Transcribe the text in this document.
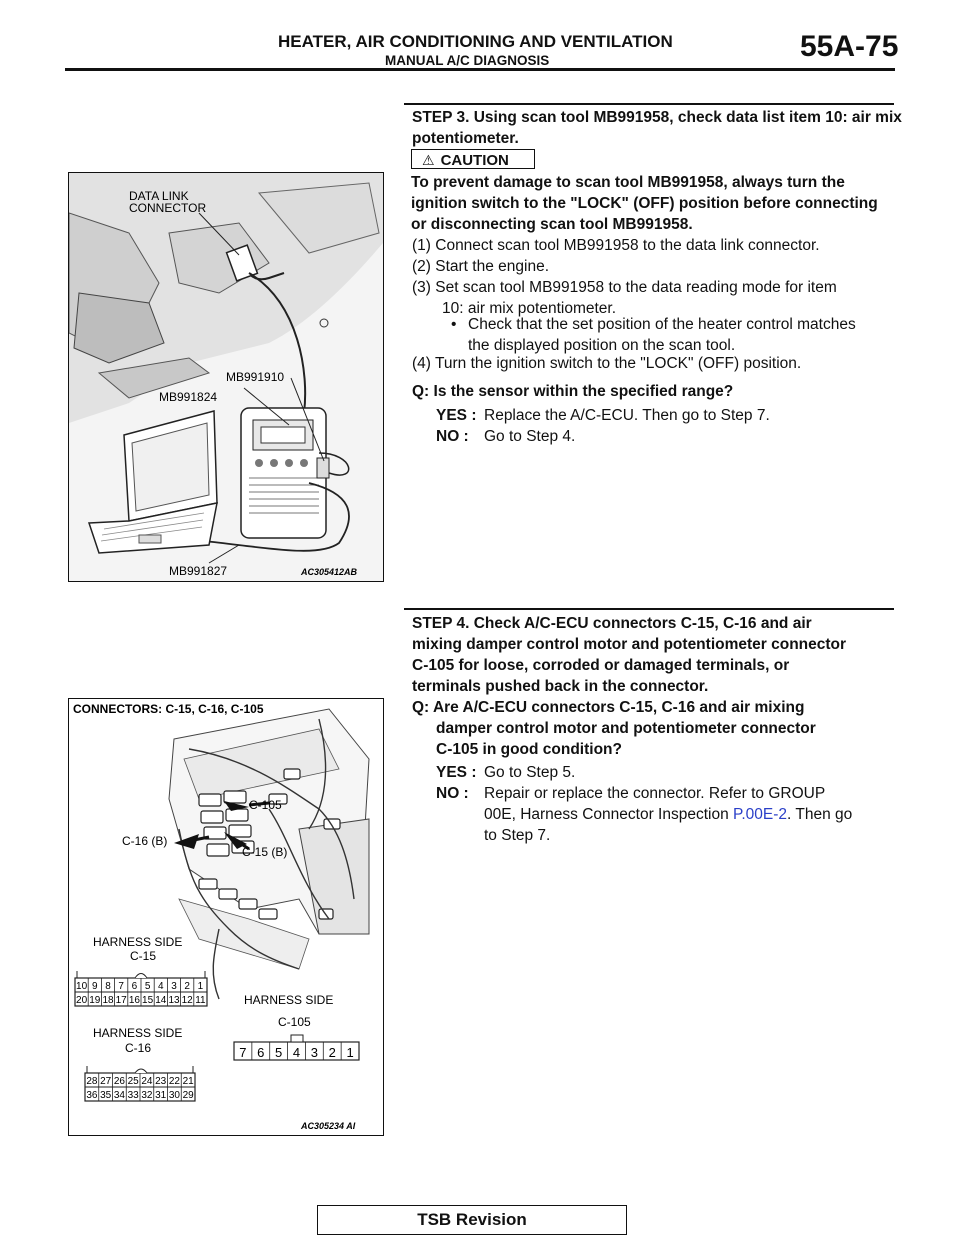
HEATER, AIR CONDITIONING AND VENTILATION
MANUAL A/C DIAGNOSIS	55A-75
STEP 3. Using scan tool MB991958, check data list item 10: air mix potentiometer.
⚠ CAUTION
To prevent damage to scan tool MB991958, always turn the ignition switch to the "LOCK" (OFF) position before connecting or disconnecting scan tool MB991958.
(1) Connect scan tool MB991958 to the data link connector.
(2) Start the engine.
(3) Set scan tool MB991958 to the data reading mode for item
10: air mix potentiometer.
• Check that the set position of the heater control matches
the displayed position on the scan tool.
(4) Turn the ignition switch to the "LOCK" (OFF) position.
Q: Is the sensor within the specified range?
YES : Replace the A/C-ECU. Then go to Step 7.
NO : Go to Step 4.
STEP 4. Check A/C-ECU connectors C-15, C-16 and air
mixing damper control motor and potentiometer connector
C-105 for loose, corroded or damaged terminals, or
terminals pushed back in the connector.
Q: Are A/C-ECU connectors C-15, C-16 and air mixing
damper control motor and potentiometer connector
C-105 in good condition?
YES : Go to Step 5.
NO : Repair or replace the connector. Refer to GROUP
00E, Harness Connector Inspection P.00E-2. Then go
to Step 7.
DATA LINK
CONNECTOR
MB991910
MB991824
MB991827	AC305412AB
CONNECTORS: C-15, C-16, C-105
C-105
C-16 (B)
C-15 (B)
HARNESS SIDE
C-15
10 9 8 7 6 5 4 3 2 1
20 19 18 17 16 15 14 13 12 11	HARNESS SIDE
C-105
7 6 5 4 3 2 1
HARNESS SIDE
C-16
28 27 26 25 24 23 22 21
36 35 34 33 32 31 30 29
AC305234 AI
TSB Revision
